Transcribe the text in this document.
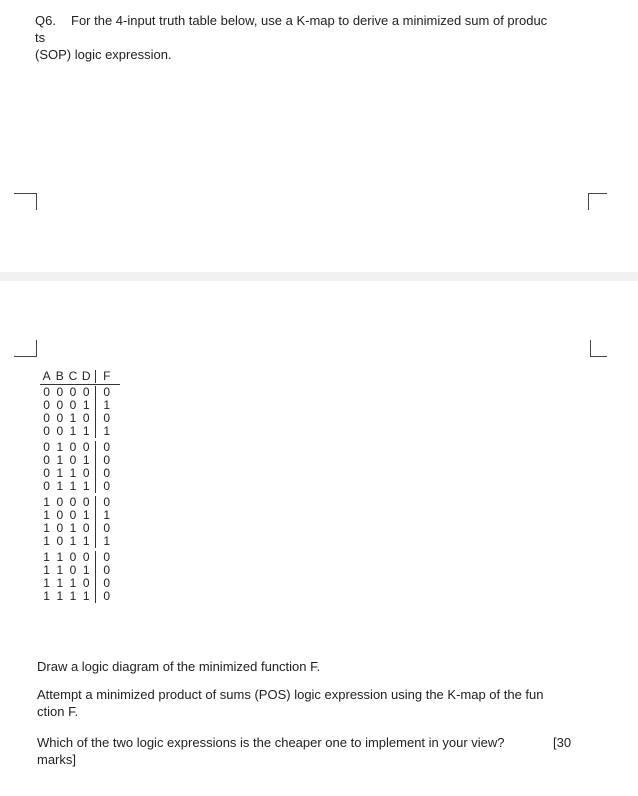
Q6. For the 4-input truth table below, use a K-map to derive a minimized sum of produc
ts
(SOP) logic expression.
A B C D	F
0 0 0 0	0
0 0 0 1	1
0 0 1 0	0
0 0 1 1	1
0 1 0 0	0
0 1 0 1	0
0 1 1 0	0
0 1 1 1	0
1 0 0 0	0
1 0 0 1	1
1 0 1 0	0
1 0 1 1	1
1 1 0 0	0
1 1 0 1	0
1 1 1 0	0
1 1 1 1	0
Draw a logic diagram of the minimized function F.
Attempt a minimized product of sums (POS) logic expression using the K-map of the fun
ction F.
Which of the two logic expressions is the cheaper one to implement in your view?	[30
marks]
